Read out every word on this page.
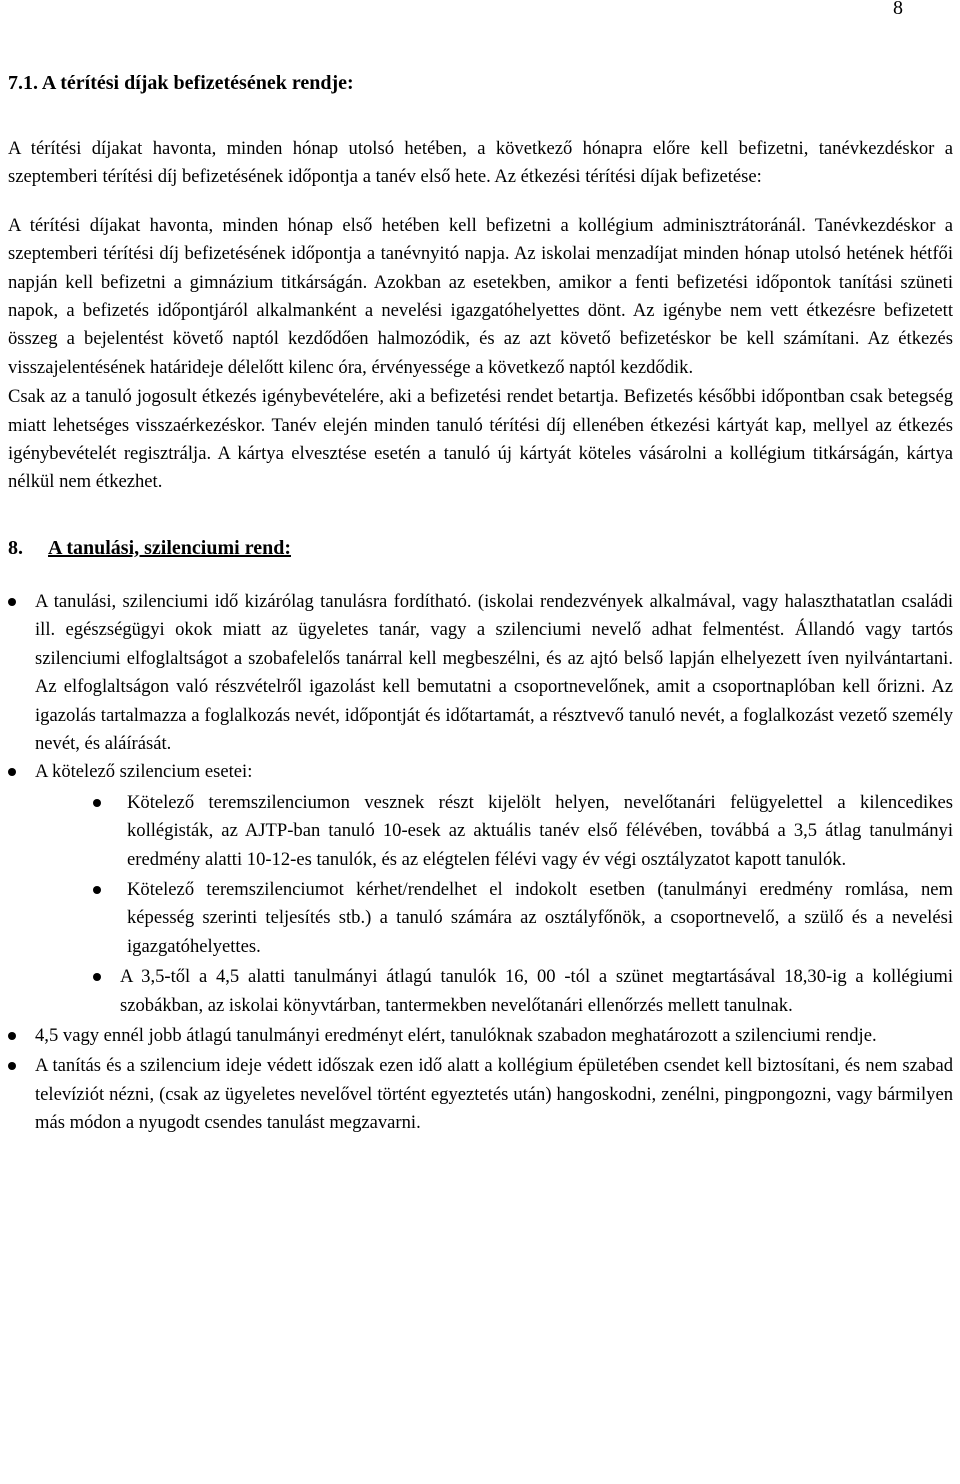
8
7.1. A térítési díjak befizetésének rendje:

A térítési díjakat havonta, minden hónap utolsó hetében, a következő hónapra előre kell befizetni, tanévkezdéskor a szeptemberi térítési díj befizetésének időpontja a tanév első hete. Az étkezési térítési díjak befizetése:

A térítési díjakat havonta, minden hónap első hetében kell befizetni a kollégium adminisztrátoránál. Tanévkezdéskor a szeptemberi térítési díj befizetésének időpontja a tanévnyitó napja. Az iskolai menzadíjat minden hónap utolsó hetének hétfői napján kell befizetni a gimnázium titkárságán. Azokban az esetekben, amikor a fenti befizetési időpontok tanítási szüneti napok, a befizetés időpontjáról alkalmanként a nevelési igazgatóhelyettes dönt. Az igénybe nem vett étkezésre befizetett összeg a bejelentést követő naptól kezdődően halmozódik, és az azt követő befizetéskor be kell számítani. Az étkezés visszajelentésének határideje délelőtt kilenc óra, érvényessége a következő naptól kezdődik.

Csak az a tanuló jogosult étkezés igénybevételére, aki a befizetési rendet betartja. Befizetés későbbi időpontban csak betegség miatt lehetséges visszaérkezéskor. Tanév elején minden tanuló térítési díj ellenében étkezési kártyát kap, mellyel az étkezés igénybevételét regisztrálja. A kártya elvesztése esetén a tanuló új kártyát köteles vásárolni a kollégium titkárságán, kártya nélkül nem étkezhet.

8. A tanulási, szilenciumi rend:
A tanulási, szilenciumi idő kizárólag tanulásra fordítható. (iskolai rendezvények alkalmával, vagy halaszthatatlan családi ill. egészségügyi okok miatt az ügyeletes tanár, vagy a szilenciumi nevelő adhat felmentést. Állandó vagy tartós szilenciumi elfoglaltságot a szobafelelős tanárral kell megbeszélni, és az ajtó belső lapján elhelyezett íven nyilvántartani. Az elfoglaltságon való részvételről igazolást kell bemutatni a csoportnevelőnek, amit a csoportnaplóban kell őrizni. Az igazolás tartalmazza a foglalkozás nevét, időpontját és időtartamát, a résztvevő tanuló nevét, a foglalkozást vezető személy nevét, és aláírását.
A kötelező szilencium esetei:
Kötelező teremszilenciumon vesznek részt kijelölt helyen, nevelőtanári felügyelettel a kilencedikes kollégisták, az AJTP-ban tanuló 10-esek az aktuális tanév első félévében, továbbá a 3,5 átlag tanulmányi eredmény alatti 10-12-es tanulók, és az elégtelen félévi vagy év végi osztályzatot kapott tanulók.
Kötelező teremszilenciumot kérhet/rendelhet el indokolt esetben (tanulmányi eredmény romlása, nem képesség szerinti teljesítés stb.) a tanuló számára az osztályfőnök, a csoportnevelő, a szülő és a nevelési igazgatóhelyettes.
A 3,5-től a 4,5 alatti tanulmányi átlagú tanulók 16, 00 -tól a szünet megtartásával 18,30-ig a kollégiumi szobákban, az iskolai könyvtárban, tantermekben nevelőtanári ellenőrzés mellett tanulnak.
4,5 vagy ennél jobb átlagú tanulmányi eredményt elért, tanulóknak szabadon meghatározott a szilenciumi rendje.
A tanítás és a szilencium ideje védett időszak ezen idő alatt a kollégium épületében csendet kell biztosítani, és nem szabad televíziót nézni, (csak az ügyeletes nevelővel történt egyeztetés után) hangoskodni, zenélni, pingpongozni, vagy bármilyen más módon a nyugodt csendes tanulást megzavarni.
